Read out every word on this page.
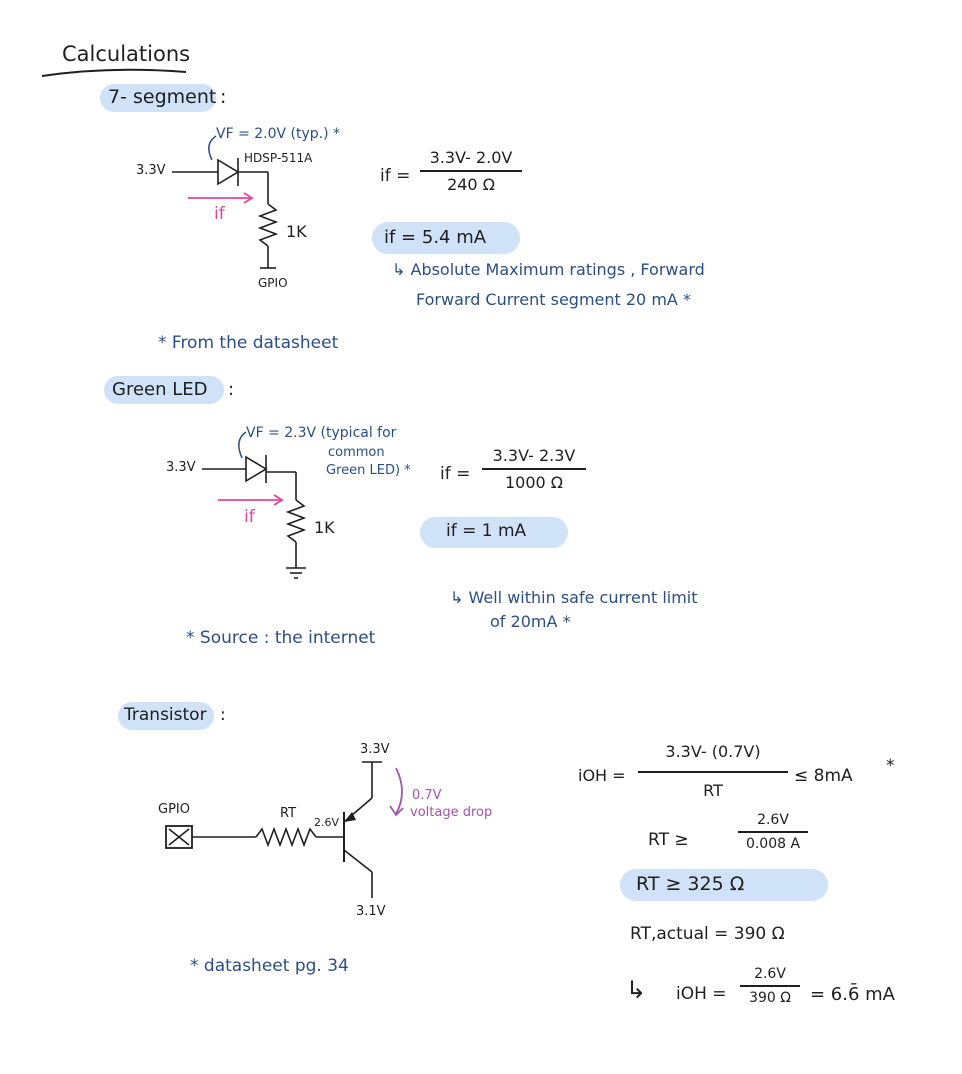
Calculations
7- segment :
VF = 2.0V (typ.) *
HDSP-511A
3.3V
if
1K
GPIO
if =
3.3V- 2.0V
240 Ω
if = 5.4 mA
↳ Absolute Maximum ratings , Forward
Forward Current segment 20 mA *
* From the datasheet
Green LED :
VF = 2.3V (typical for
common
Green LED) *
3.3V
if
1K
if =
3.3V- 2.3V
1000 Ω
if = 1 mA
↳ Well within safe current limit
of 20mA *
* Source : the internet
Transistor :
GPIO	RT
2.6V
3.3V
3.1V
0.7V
voltage drop
* datasheet pg. 34
iOH =
3.3V- (0.7V)
RT
≤ 8mA *
RT ≥
2.6V
0.008 A
RT ≥ 325 Ω
RT,actual = 390 Ω
↳ iOH =
2.6V
390 Ω	= 6.6̄ mA
